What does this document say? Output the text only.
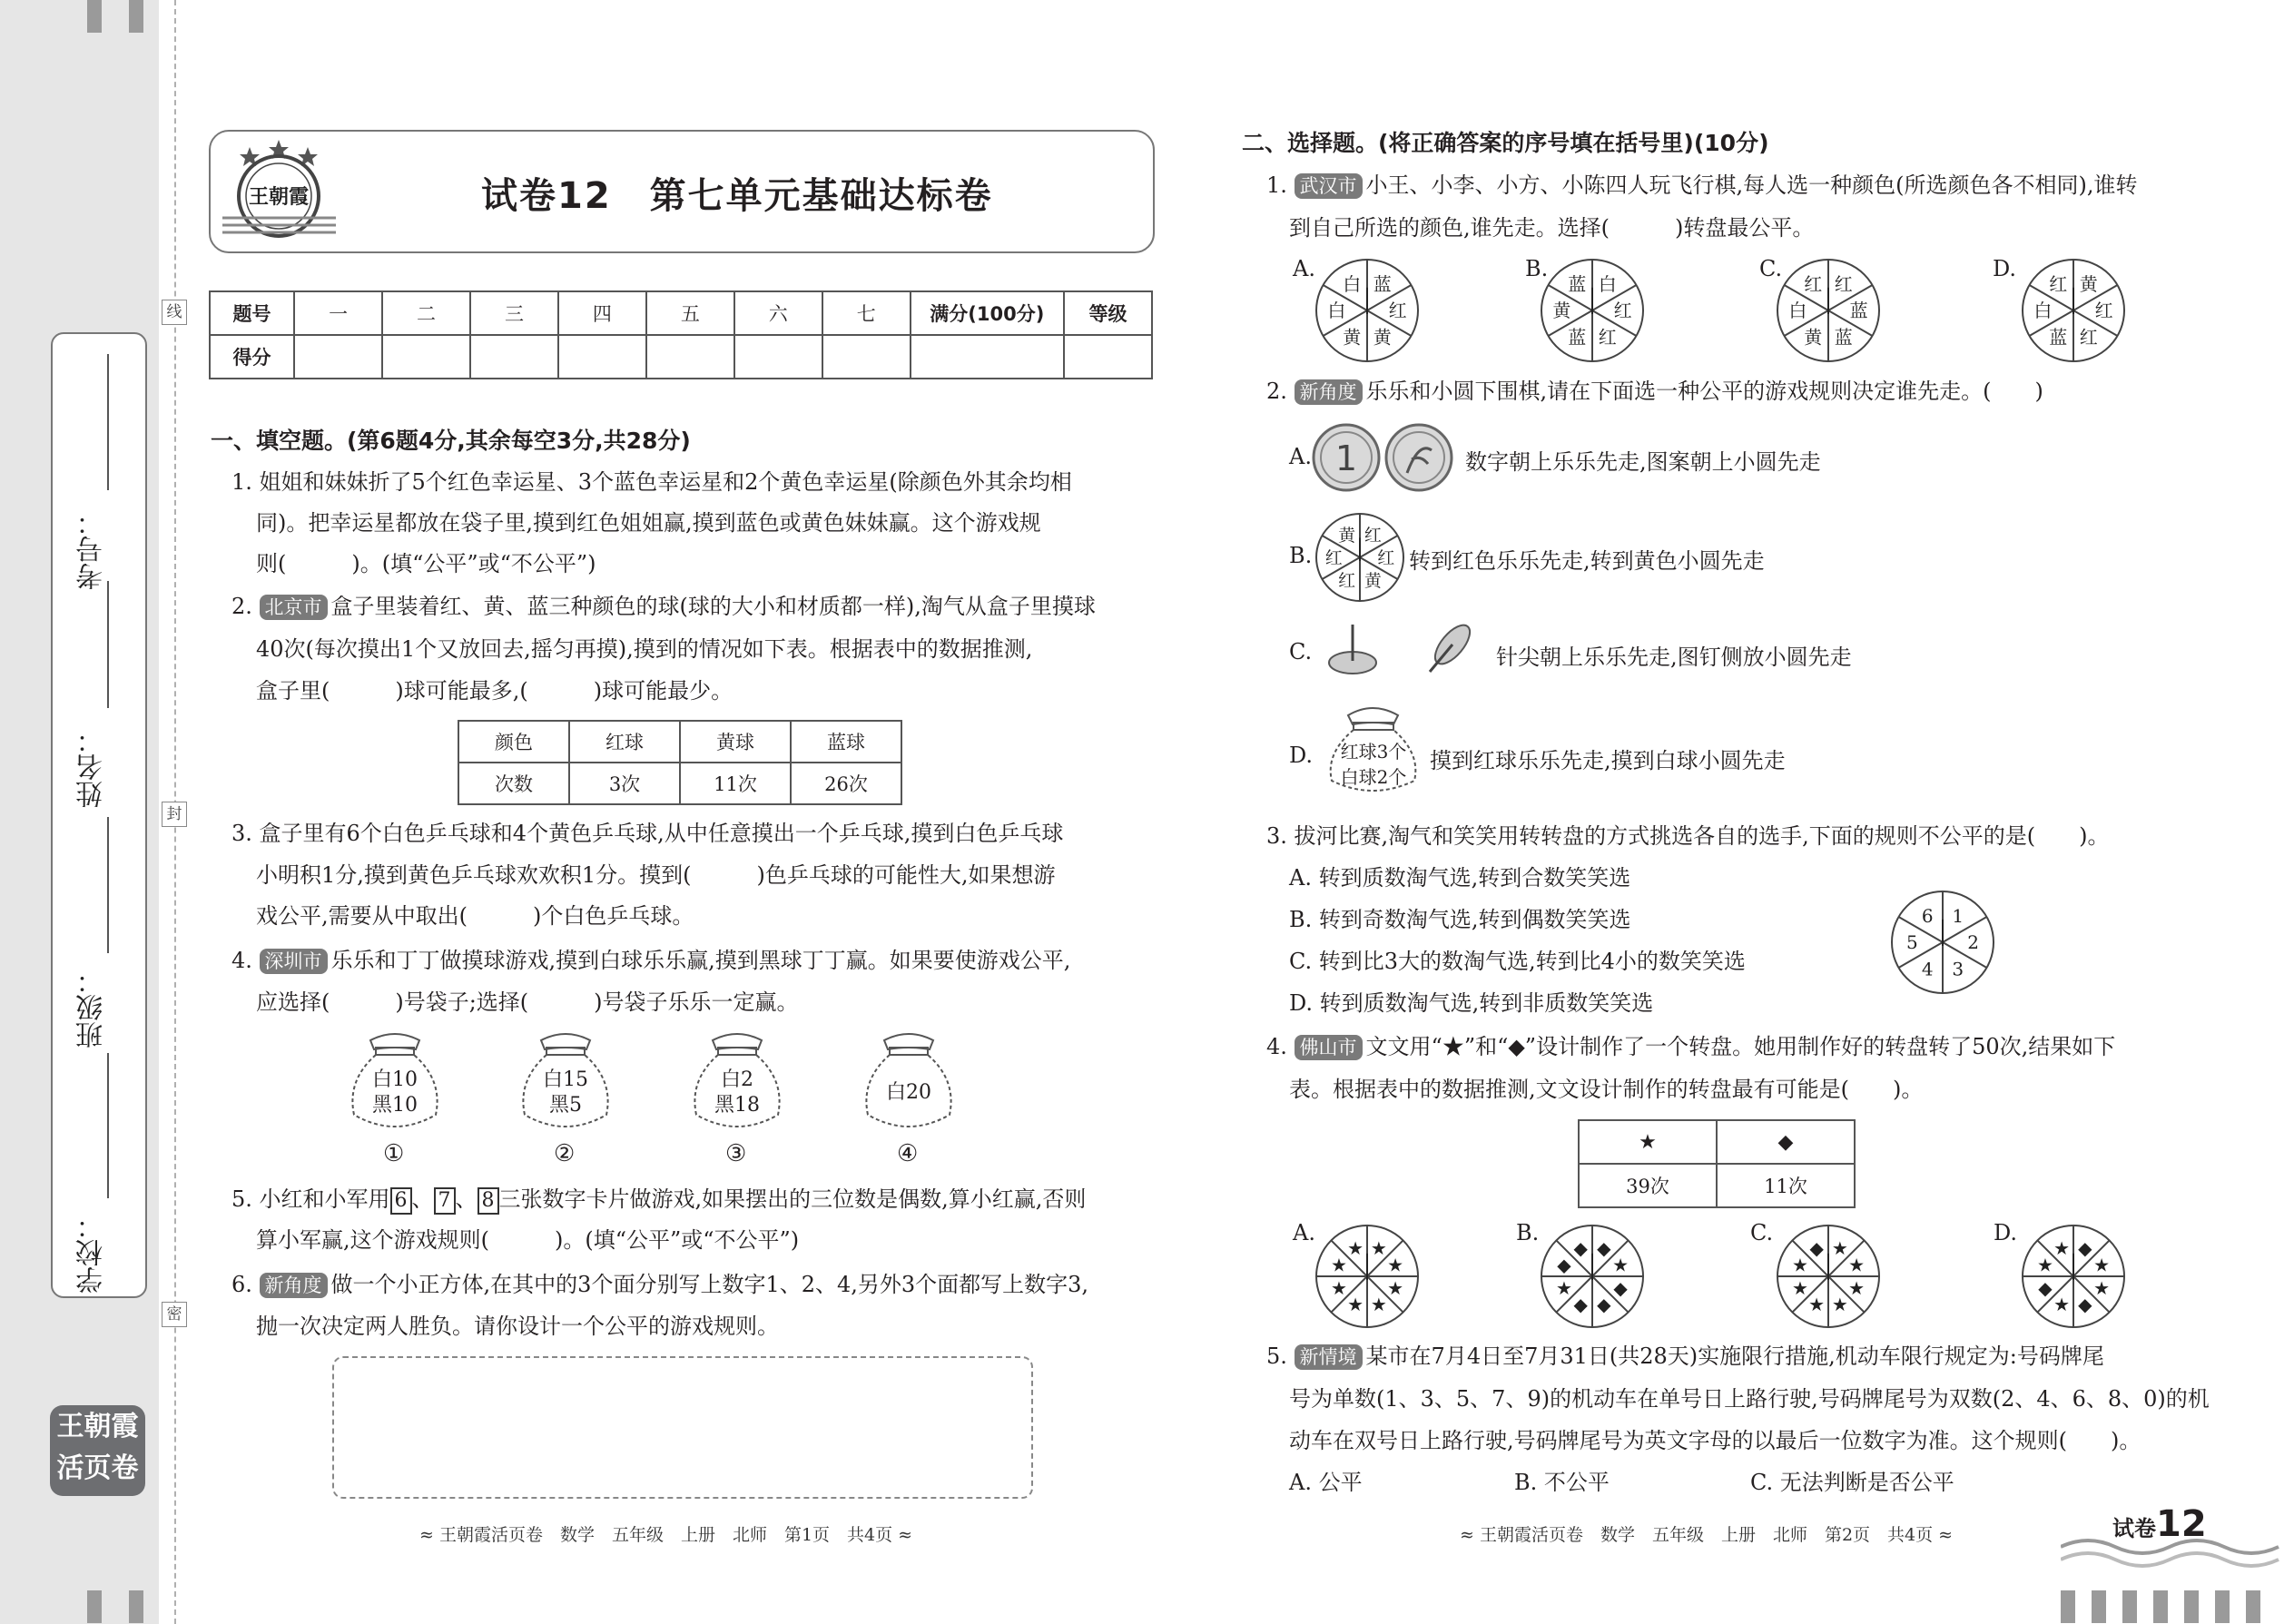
线
封
密
考号：
姓名：
班级：
学校：
王朝霞
活页卷
王朝霞	试卷12　第七单元基础达标卷
题号	一	二	三	四	五	六	七	满分(100分)	等级
得分									
一、填空题。(第6题4分,其余每空3分,共28分)
1. 姐姐和妹妹折了5个红色幸运星、3个蓝色幸运星和2个黄色幸运星(除颜色外其余均相
同)。把幸运星都放在袋子里,摸到红色姐姐赢,摸到蓝色或黄色妹妹赢。这个游戏规
则(　　　)。(填“公平”或“不公平”)
2. 北京市 盒子里装着红、黄、蓝三种颜色的球(球的大小和材质都一样),淘气从盒子里摸球
40次(每次摸出1个又放回去,摇匀再摸),摸到的情况如下表。根据表中的数据推测,
盒子里(　　　)球可能最多,(　　　)球可能最少。
颜色	红球	黄球	蓝球
次数	3次	11次	26次
3. 盒子里有6个白色乒乓球和4个黄色乒乓球,从中任意摸出一个乒乓球,摸到白色乒乓球
小明积1分,摸到黄色乒乓球欢欢积1分。摸到(　　　)色乒乓球的可能性大,如果想游
戏公平,需要从中取出(　　　)个白色乒乓球。
4. 深圳市 乐乐和丁丁做摸球游戏,摸到白球乐乐赢,摸到黑球丁丁赢。如果要使游戏公平,
应选择(　　　)号袋子;选择(　　　)号袋子乐乐一定赢。
白10
黑10
①
白15
黑5
②
白2
黑18
③
白20
④
5. 小红和小军用 6 、 7 、 8 三张数字卡片做游戏,如果摆出的三位数是偶数,算小红赢,否则
算小军赢,这个游戏规则(　　　)。(填“公平”或“不公平”)
6. 新角度 做一个小正方体,在其中的3个面分别写上数字1、2、4,另外3个面都写上数字3,
抛一次决定两人胜负。请你设计一个公平的游戏规则。
≈ 王朝霞活页卷　数学　五年级　上册　北师　第1页　共4页 ≈
二、选择题。(将正确答案的序号填在括号里)(10分)
1. 武汉市 小王、小李、小方、小陈四人玩飞行棋,每人选一种颜色(所选颜色各不相同),谁转
到自己所选的颜色,谁先走。选择(　　　)转盘最公平。
A.
蓝
红
黄
黄
白
白
B.
白
红
红
蓝
黄
蓝
C.
红
蓝
蓝
黄
白
红
D.
黄
红
红
蓝
白
红
2. 新角度 乐乐和小圆下围棋,请在下面选一种公平的游戏规则决定谁先走。(　　)
A. 1	数字朝上乐乐先走,图案朝上小圆先走
B.
红
红
黄
红
红
黄
转到红色乐乐先走,转到黄色小圆先走
C.	针尖朝上乐乐先走,图钉侧放小圆先走
D.	红球3个
白球2个
摸到红球乐乐先走,摸到白球小圆先走
3. 拔河比赛,淘气和笑笑用转转盘的方式挑选各自的选手,下面的规则不公平的是(　　)。
A. 转到质数淘气选,转到合数笑笑选
B. 转到奇数淘气选,转到偶数笑笑选
C. 转到比3大的数淘气选,转到比4小的数笑笑选
D. 转到质数淘气选,转到非质数笑笑选
1
2
3
4
5
6
4. 佛山市 文文用“★”和“◆”设计制作了一个转盘。她用制作好的转盘转了50次,结果如下
表。根据表中的数据推测,文文设计制作的转盘最有可能是(　　)。
★	◆
39次	11次
A.
★
★
★
★
★
★
★
★
B.
◆
★
◆
◆
◆
★
◆
◆
C.
★
★
★
★
★
★
★
◆
D.
◆
★
★
◆
★
◆
★
★
5. 新情境 某市在7月4日至7月31日(共28天)实施限行措施,机动车限行规定为:号码牌尾
号为单数(1、3、5、7、9)的机动车在单号日上路行驶,号码牌尾号为双数(2、4、6、8、0)的机
动车在双号日上路行驶,号码牌尾号为英文字母的以最后一位数字为准。这个规则(　　)。
A. 公平	B. 不公平	C. 无法判断是否公平
≈ 王朝霞活页卷　数学　五年级　上册　北师　第2页　共4页 ≈	试卷12
